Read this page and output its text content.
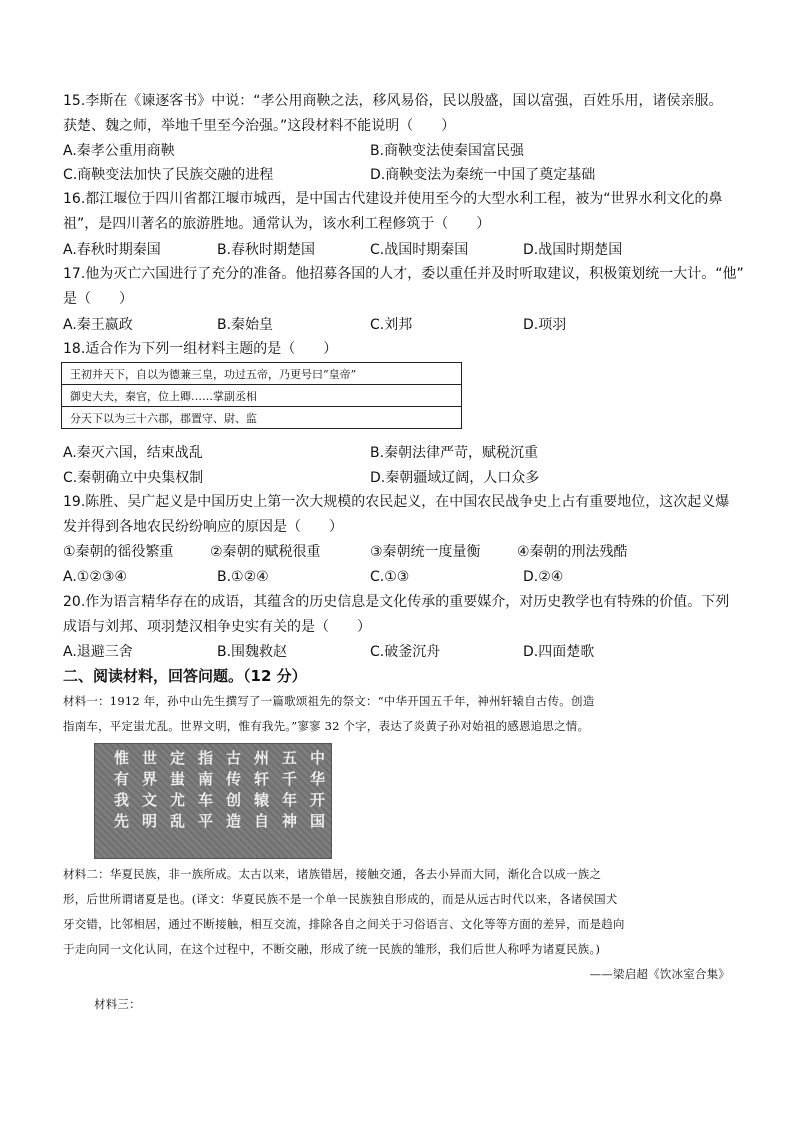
15.李斯在《谏逐客书》中说：“孝公用商鞅之法，移风易俗，民以殷盛，国以富强，百姓乐用，诸侯亲服。
获楚、魏之师，举地千里至今治强。”这段材料不能说明（　　）
A.秦孝公重用商鞅	B.商鞅变法使秦国富民强
C.商鞅变法加快了民族交融的进程	D.商鞅变法为秦统一中国了奠定基础
16.都江堰位于四川省都江堰市城西，是中国古代建设并使用至今的大型水利工程，被为“世界水利文化的鼻
祖”，是四川著名的旅游胜地。通常认为，该水利工程修筑于（　　）
A.春秋时期秦国	B.春秋时期楚国	C.战国时期秦国	D.战国时期楚国
17.他为灭亡六国进行了充分的准备。他招募各国的人才，委以重任并及时听取建议，积极策划统一大计。“他”
是（　　）
A.秦王嬴政	B.秦始皇	C.刘邦	D.项羽
18.适合作为下列一组材料主题的是（　　）
王初并天下，自以为德兼三皇，功过五帝，乃更号曰“皇帝”
御史大夫，秦官，位上卿……掌副丞相
分天下以为三十六郡，郡置守、尉、监
A.秦灭六国，结束战乱	B.秦朝法律严苛，赋税沉重
C.秦朝确立中央集权制	D.秦朝疆域辽阔，人口众多
19.陈胜、吴广起义是中国历史上第一次大规模的农民起义，在中国农民战争史上占有重要地位，这次起义爆
发并得到各地农民纷纷响应的原因是（　　）
①秦朝的徭役繁重	②秦朝的赋税很重	③秦朝统一度量衡	④秦朝的刑法残酷
A.①②③④	B.①②④	C.①③	D.②④
20.作为语言精华存在的成语，其蕴含的历史信息是文化传承的重要媒介，对历史教学也有特殊的价值。下列
成语与刘邦、项羽楚汉相争史实有关的是（　　）
A.退避三舍	B.围魏救赵	C.破釜沉舟	D.四面楚歌
二、阅读材料，回答问题。（12 分）
材料一：1912 年，孙中山先生撰写了一篇歌颂祖先的祭文：“中华开国五千年，神州轩辕自古传。创造
指南车，平定蚩尤乱。世界文明，惟有我先。”寥寥 32 个字，表达了炎黄子孙对始祖的感恩追思之情。
中华开国
五千年神
州轩辕自
古传创造
指南车平
定蚩尤乱
世界文明
惟有我先
材料二：华夏民族，非一族所成。太古以来，诸族错居，接触交通，各去小异而大同，渐化合以成一族之
形，后世所谓诸夏是也。(译文：华夏民族不是一个单一民族独自形成的，而是从远古时代以来，各诸侯国犬
牙交错，比邻相居，通过不断接触，相互交流，排除各自之间关于习俗语言、文化等等方面的差异，而是趋向
于走向同一文化认同，在这个过程中，不断交融，形成了统一民族的雏形，我们后世人称呼为诸夏民族。)
——梁启超《饮冰室合集》
材料三：
